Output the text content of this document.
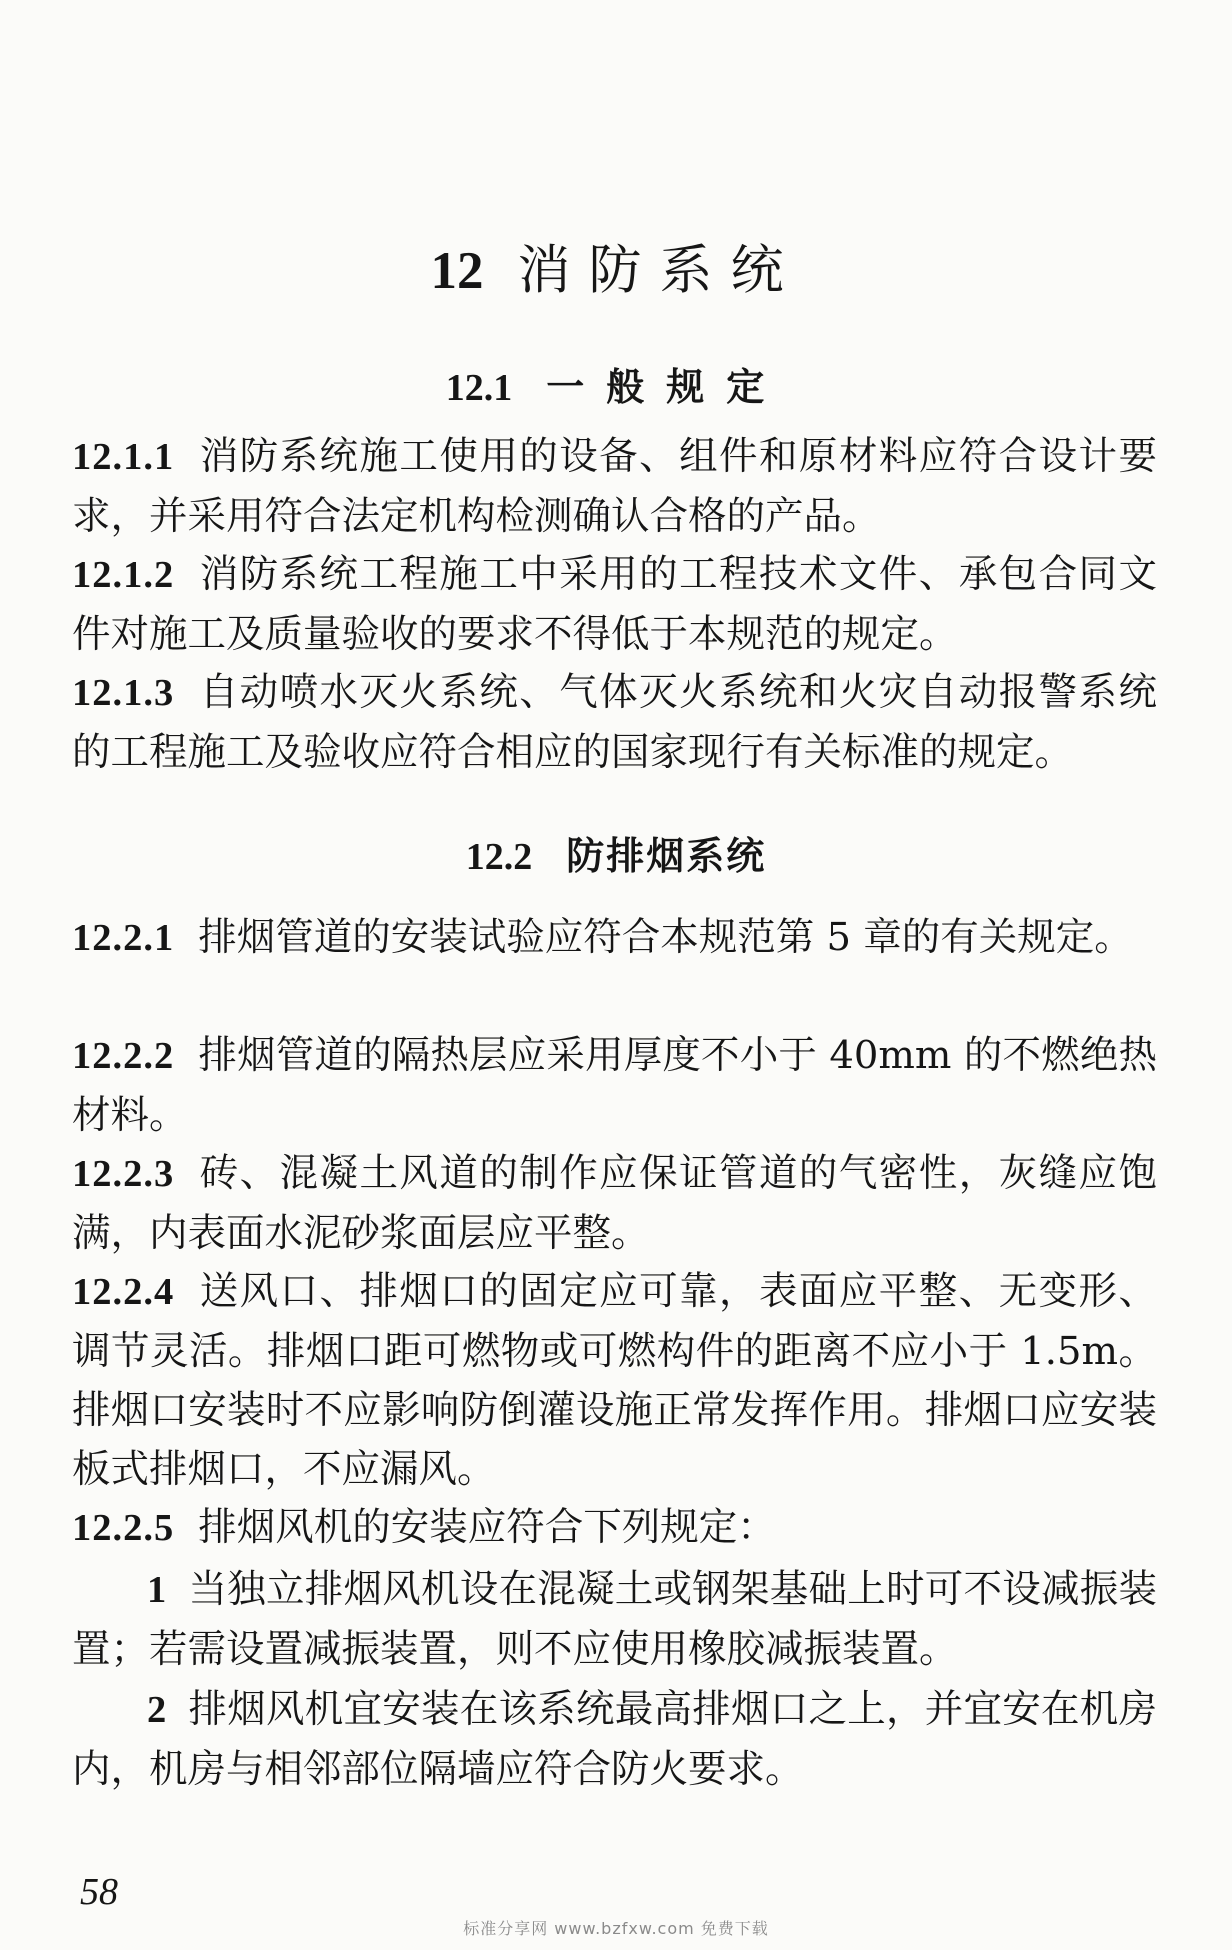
12 消防系统
12.1 一般规定
12.1.1 消防系统施工使用的设备、组件和原材料应符合设计要求，并采用符合法定机构检测确认合格的产品。
12.1.2 消防系统工程施工中采用的工程技术文件、承包合同文件对施工及质量验收的要求不得低于本规范的规定。
12.1.3 自动喷水灭火系统、气体灭火系统和火灾自动报警系统的工程施工及验收应符合相应的国家现行有关标准的规定。
12.2 防排烟系统
12.2.1 排烟管道的安装试验应符合本规范第 5 章的有关规定。
12.2.2 排烟管道的隔热层应采用厚度不小于 40mm 的不燃绝热材料。
12.2.3 砖、混凝土风道的制作应保证管道的气密性，灰缝应饱满，内表面水泥砂浆面层应平整。
12.2.4 送风口、排烟口的固定应可靠，表面应平整、无变形、调节灵活。排烟口距可燃物或可燃构件的距离不应小于 1.5m。排烟口安装时不应影响防倒灌设施正常发挥作用。排烟口应安装板式排烟口，不应漏风。
12.2.5 排烟风机的安装应符合下列规定：
1 当独立排烟风机设在混凝土或钢架基础上时可不设减振装置；若需设置减振装置，则不应使用橡胶减振装置。
2 排烟风机宜安装在该系统最高排烟口之上，并宜安在机房内，机房与相邻部位隔墙应符合防火要求。
58
标准分享网 www.bzfxw.com 免费下载
